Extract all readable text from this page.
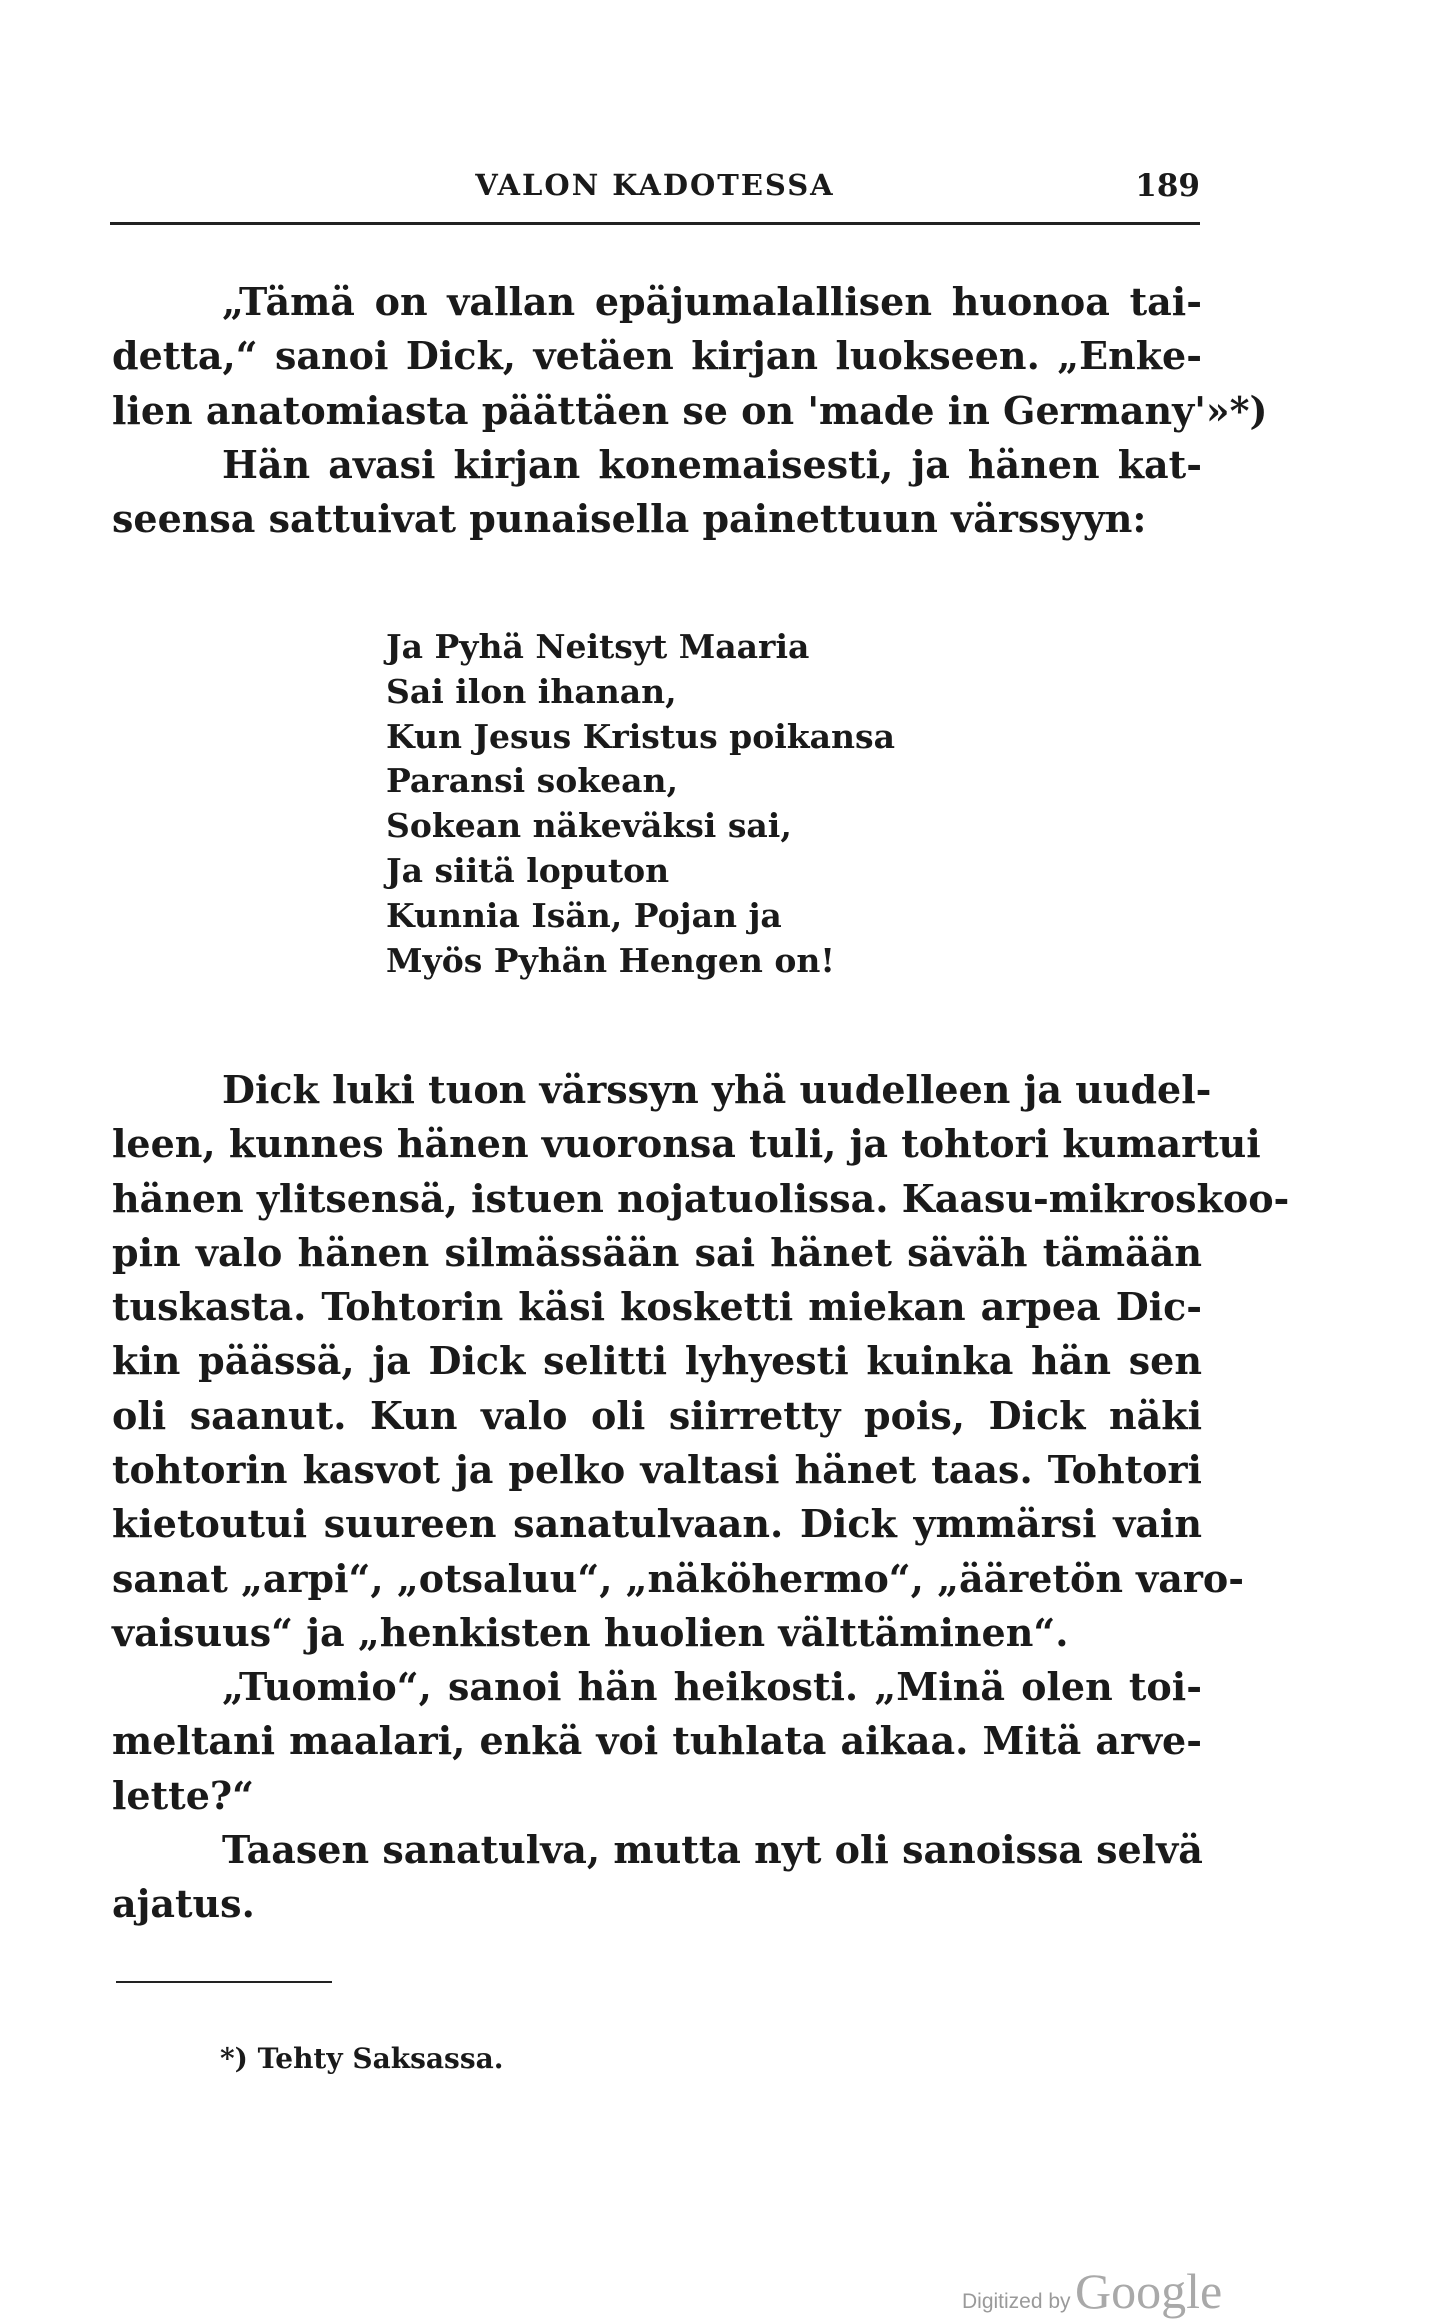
VALON KADOTESSA	189

„Tämä on vallan epäjumalallisen huonoa tai-
detta,“ sanoi Dick, vetäen kirjan luokseen. „Enke-
lien anatomiasta päättäen se on 'made in Germany'»*)
Hän avasi kirjan konemaisesti, ja hänen kat-
seensa sattuivat punaisella painettuun värssyyn:

Ja Pyhä Neitsyt Maaria
Sai ilon ihanan,
Kun Jesus Kristus poikansa
Paransi sokean,
Sokean näkeväksi sai,
Ja siitä loputon
Kunnia Isän, Pojan ja
Myös Pyhän Hengen on!

Dick luki tuon värssyn yhä uudelleen ja uudel-
leen, kunnes hänen vuoronsa tuli, ja tohtori kumartui
hänen ylitsensä, istuen nojatuolissa. Kaasu-mikroskoo-
pin valo hänen silmässään sai hänet säväh tämään
tuskasta. Tohtorin käsi kosketti miekan arpea Dic-
kin päässä, ja Dick selitti lyhyesti kuinka hän sen
oli saanut. Kun valo oli siirretty pois, Dick näki
tohtorin kasvot ja pelko valtasi hänet taas. Tohtori
kietoutui suureen sanatulvaan. Dick ymmärsi vain
sanat „arpi“, „otsaluu“, „näköhermo“, „ääretön varo-
vaisuus“ ja „henkisten huolien välttäminen“.

„Tuomio“, sanoi hän heikosti. „Minä olen toi-
meltani maalari, enkä voi tuhlata aikaa. Mitä arve-
lette?“

Taasen sanatulva, mutta nyt oli sanoissa selvä
ajatus.

*) Tehty Saksassa.
Digitized by Google
